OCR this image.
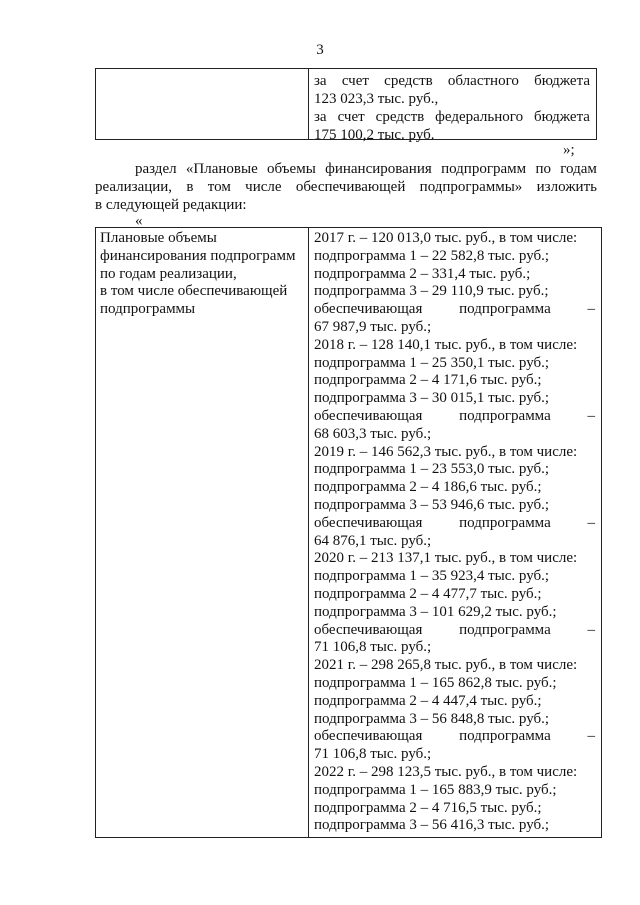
3
за счет средств областного бюджета
123 023,3 тыс. руб.,
за счет средств федерального бюджета
175 100,2 тыс. руб.
»;
раздел «Плановые объемы финансирования подпрограмм по годам
реализации, в том числе обеспечивающей подпрограммы» изложить
в следующей редакции:
«
Плановые объемы
финансирования подпрограмм
по годам реализации,
в том числе обеспечивающей
подпрограммы
2017 г. – 120 013,0 тыс. руб., в том числе:
подпрограмма 1 – 22 582,8 тыс. руб.;
подпрограмма 2 – 331,4 тыс. руб.;
подпрограмма 3 – 29 110,9 тыс. руб.;
обеспечивающая подпрограмма –
67 987,9 тыс. руб.;
2018 г. – 128 140,1 тыс. руб., в том числе:
подпрограмма 1 – 25 350,1 тыс. руб.;
подпрограмма 2 – 4 171,6 тыс. руб.;
подпрограмма 3 – 30 015,1 тыс. руб.;
обеспечивающая подпрограмма –
68 603,3 тыс. руб.;
2019 г. – 146 562,3 тыс. руб., в том числе:
подпрограмма 1 – 23 553,0 тыс. руб.;
подпрограмма 2 – 4 186,6 тыс. руб.;
подпрограмма 3 – 53 946,6 тыс. руб.;
обеспечивающая подпрограмма –
64 876,1 тыс. руб.;
2020 г. – 213 137,1 тыс. руб., в том числе:
подпрограмма 1 – 35 923,4 тыс. руб.;
подпрограмма 2 – 4 477,7 тыс. руб.;
подпрограмма 3 – 101 629,2 тыс. руб.;
обеспечивающая подпрограмма –
71 106,8 тыс. руб.;
2021 г. – 298 265,8 тыс. руб., в том числе:
подпрограмма 1 – 165 862,8 тыс. руб.;
подпрограмма 2 – 4 447,4 тыс. руб.;
подпрограмма 3 – 56 848,8 тыс. руб.;
обеспечивающая подпрограмма –
71 106,8 тыс. руб.;
2022 г. – 298 123,5 тыс. руб., в том числе:
подпрограмма 1 – 165 883,9 тыс. руб.;
подпрограмма 2 – 4 716,5 тыс. руб.;
подпрограмма 3 – 56 416,3 тыс. руб.;
